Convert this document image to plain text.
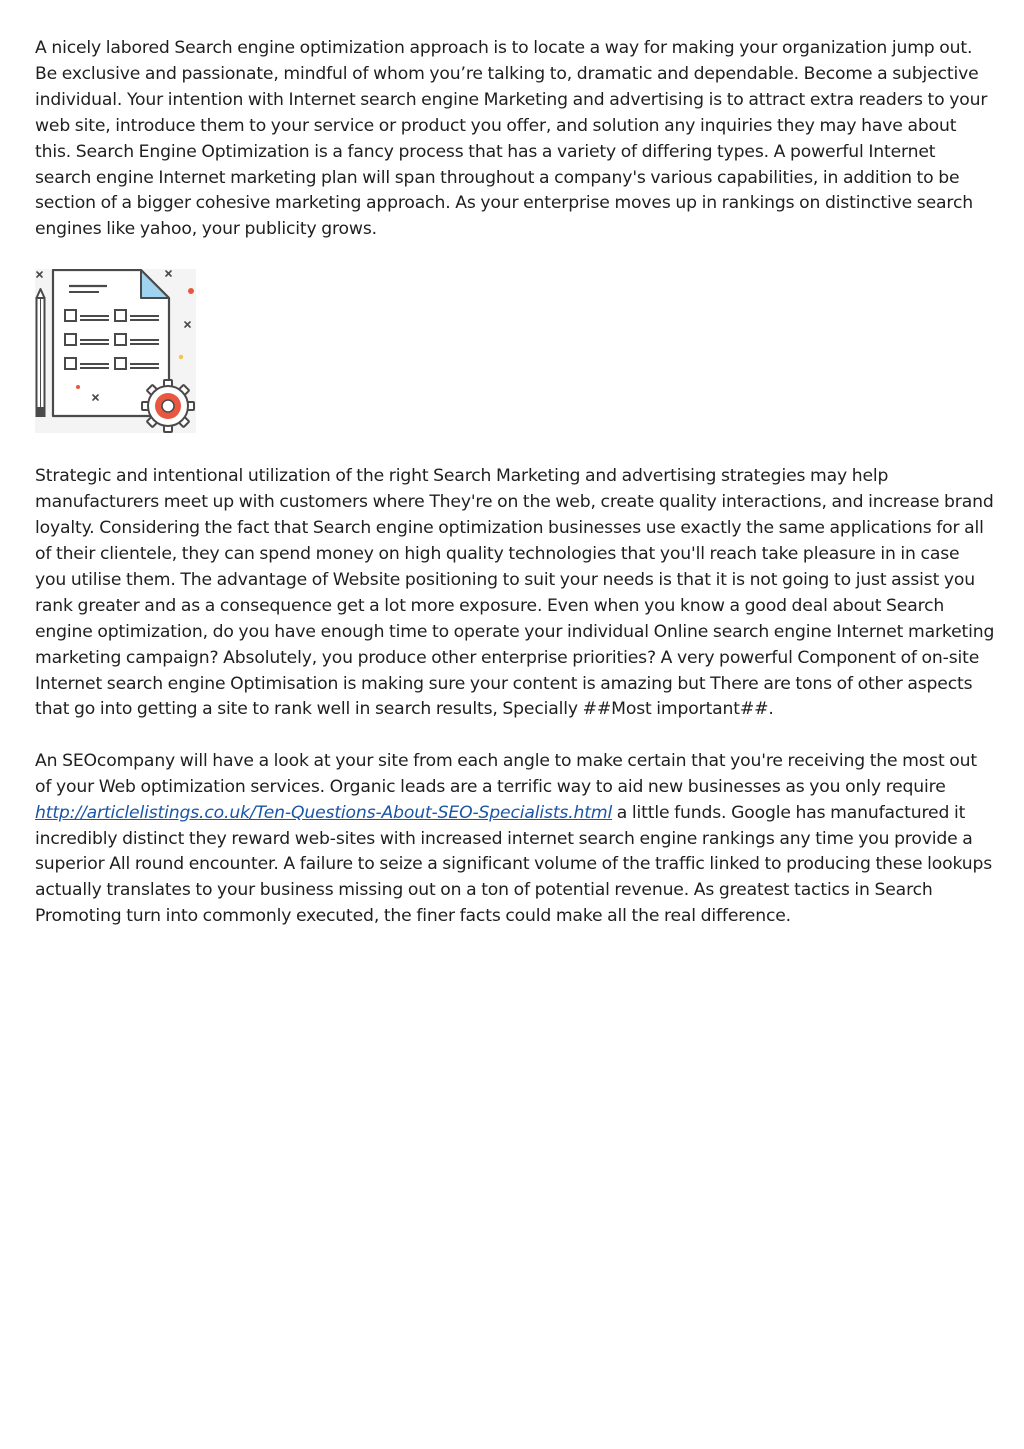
A nicely labored Search engine optimization approach is to locate a way for making your organization jump out. Be exclusive and passionate, mindful of whom you’re talking to, dramatic and dependable. Become a subjective individual. Your intention with Internet search engine Marketing and advertising is to attract extra readers to your web site, introduce them to your service or product you offer, and solution any inquiries they may have about this. Search Engine Optimization is a fancy process that has a variety of differing types. A powerful Internet search engine Internet marketing plan will span throughout a company's various capabilities, in addition to be section of a bigger cohesive marketing approach. As your enterprise moves up in rankings on distinctive search engines like yahoo, your publicity grows.

Strategic and intentional utilization of the right Search Marketing and advertising strategies may help manufacturers meet up with customers where They're on the web, create quality interactions, and increase brand loyalty. Considering the fact that Search engine optimization businesses use exactly the same applications for all of their clientele, they can spend money on high quality technologies that you'll reach take pleasure in in case you utilise them. The advantage of Website positioning to suit your needs is that it is not going to just assist you rank greater and as a consequence get a lot more exposure. Even when you know a good deal about Search engine optimization, do you have enough time to operate your individual Online search engine Internet marketing marketing campaign? Absolutely, you produce other enterprise priorities? A very powerful Component of on-site Internet search engine Optimisation is making sure your content is amazing but There are tons of other aspects that go into getting a site to rank well in search results, Specially ##Most important##.

An SEOcompany will have a look at your site from each angle to make certain that you're receiving the most out of your Web optimization services. Organic leads are a terrific way to aid new businesses as you only require http://articlelistings.co.uk/Ten-Questions-About-SEO-Specialists.html a little funds. Google has manufactured it incredibly distinct they reward web-sites with increased internet search engine rankings any time you provide a superior All round encounter. A failure to seize a significant volume of the traffic linked to producing these lookups actually translates to your business missing out on a ton of potential revenue. As greatest tactics in Search Promoting turn into commonly executed, the finer facts could make all the real difference.
